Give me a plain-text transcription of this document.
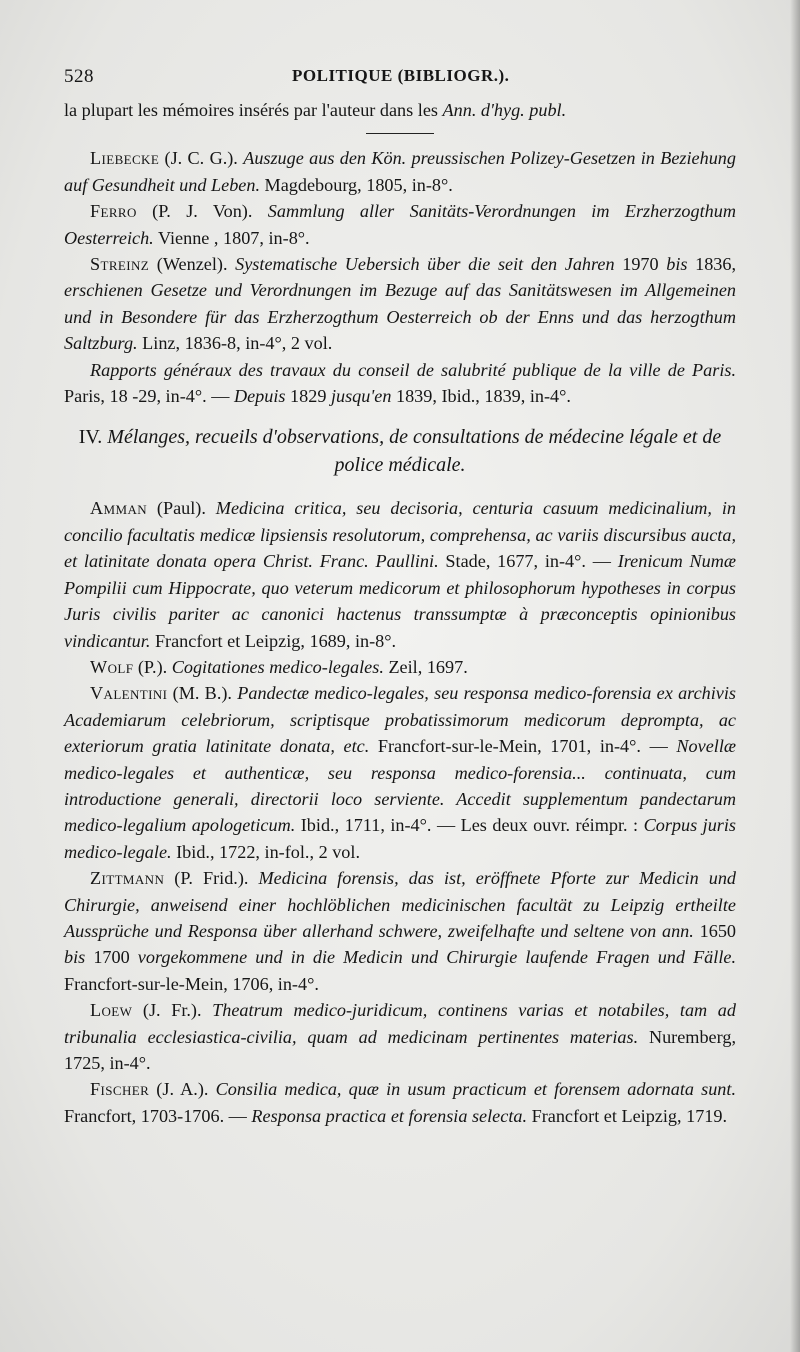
528	POLITIQUE (BIBLIOGR.).

la plupart les mémoires insérés par l'auteur dans les Ann. d'hyg. publ.

Liebecke (J. C. G.). Auszuge aus den Kön. preussischen Polizey-Gesetzen in Beziehung auf Gesundheit und Leben. Magdebourg, 1805, in-8°.

Ferro (P. J. Von). Sammlung aller Sanitäts-Verordnungen im Erzherzogthum Oesterreich. Vienne , 1807, in-8°.

Streinz (Wenzel). Systematische Uebersich über die seit den Jahren 1970 bis 1836, erschienen Gesetze und Verordnungen im Bezuge auf das Sanitätswesen im Allgemeinen und in Besondere für das Erzherzogthum Oesterreich ob der Enns und das herzogthum Saltzburg. Linz, 1836-8, in-4°, 2 vol.

Rapports généraux des travaux du conseil de salubrité publique de la ville de Paris. Paris, 18 -29, in-4°. — Depuis 1829 jusqu'en 1839, Ibid., 1839, in-4°.

IV. Mélanges, recueils d'observations, de consultations de médecine légale et de police médicale.

Amman (Paul). Medicina critica, seu decisoria, centuria casuum medicinalium, in concilio facultatis medicæ lipsiensis resolutorum, comprehensa, ac variis discursibus aucta, et latinitate donata opera Christ. Franc. Paullini. Stade, 1677, in-4°. — Irenicum Numæ Pompilii cum Hippocrate, quo veterum medicorum et philosophorum hypotheses in corpus Juris civilis pariter ac canonici hactenus transsumptæ à præconceptis opinionibus vindicantur. Francfort et Leipzig, 1689, in-8°.

Wolf (P.). Cogitationes medico-legales. Zeil, 1697.

Valentini (M. B.). Pandectæ medico-legales, seu responsa medico-forensia ex archivis Academiarum celebriorum, scriptisque probatissimorum medicorum deprompta, ac exteriorum gratia latinitate donata, etc. Francfort-sur-le-Mein, 1701, in-4°. — Novellæ medico-legales et authenticæ, seu responsa medico-forensia... continuata, cum introductione generali, directorii loco serviente. Accedit supplementum pandectarum medico-legalium apologeticum. Ibid., 1711, in-4°. — Les deux ouvr. réimpr. : Corpus juris medico-legale. Ibid., 1722, in-fol., 2 vol.

Zittmann (P. Frid.). Medicina forensis, das ist, eröffnete Pforte zur Medicin und Chirurgie, anweisend einer hochlöblichen medicinischen facultät zu Leipzig ertheilte Aussprüche und Responsa über allerhand schwere, zweifelhafte und seltene von ann. 1650 bis 1700 vorgekommene und in die Medicin und Chirurgie laufende Fragen und Fälle. Francfort-sur-le-Mein, 1706, in-4°.

Loew (J. Fr.). Theatrum medico-juridicum, continens varias et notabiles, tam ad tribunalia ecclesiastica-civilia, quam ad medicinam pertinentes materias. Nuremberg, 1725, in-4°.

Fischer (J. A.). Consilia medica, quæ in usum practicum et forensem adornata sunt. Francfort, 1703-1706. — Responsa practica et forensia selecta. Francfort et Leipzig, 1719.
